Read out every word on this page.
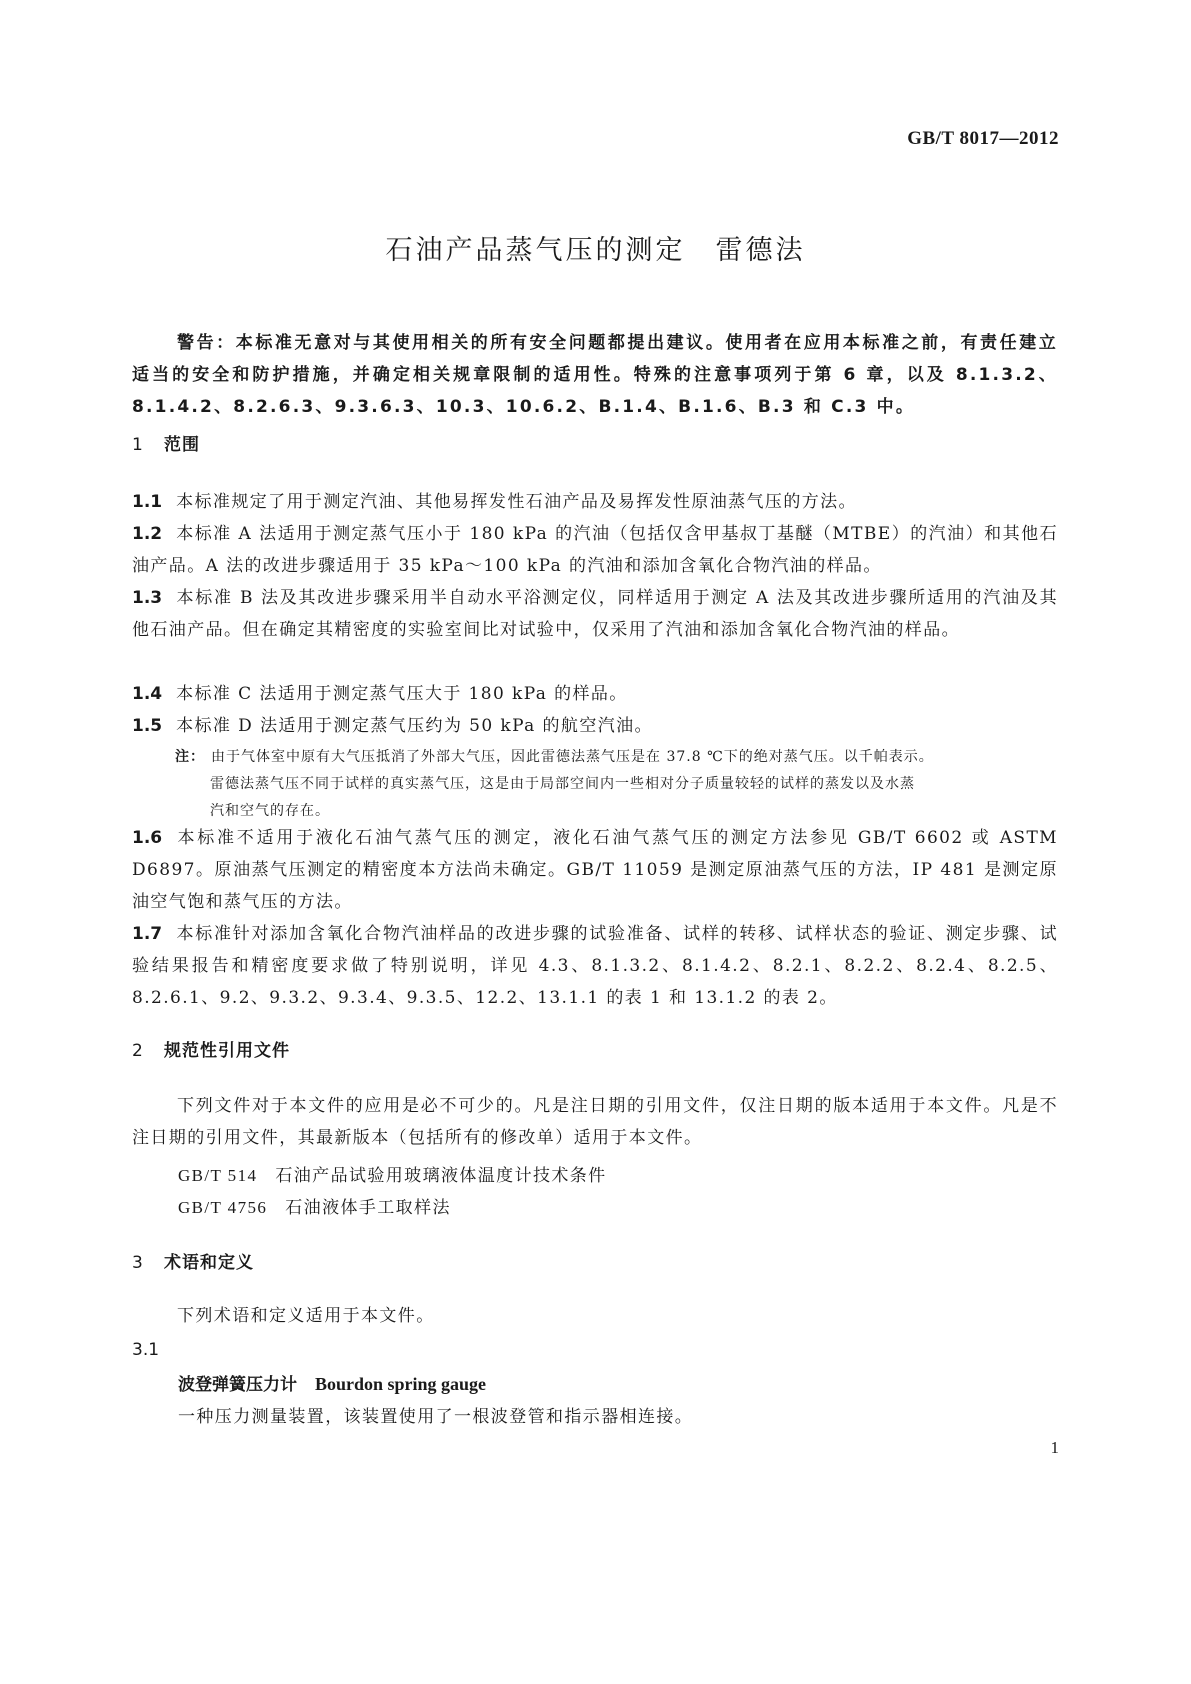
GB/T 8017—2012
石油产品蒸气压的测定　雷德法
警告：本标准无意对与其使用相关的所有安全问题都提出建议。使用者在应用本标准之前，有责任建立适当的安全和防护措施，并确定相关规章限制的适用性。特殊的注意事项列于第 6 章，以及 8.1.3.2、8.1.4.2、8.2.6.3、9.3.6.3、10.3、10.6.2、B.1.4、B.1.6、B.3 和 C.3 中。
1 范围
1.1 本标准规定了用于测定汽油、其他易挥发性石油产品及易挥发性原油蒸气压的方法。
1.2 本标准 A 法适用于测定蒸气压小于 180 kPa 的汽油（包括仅含甲基叔丁基醚（MTBE）的汽油）和其他石油产品。A 法的改进步骤适用于 35 kPa～100 kPa 的汽油和添加含氧化合物汽油的样品。
1.3 本标准 B 法及其改进步骤采用半自动水平浴测定仪，同样适用于测定 A 法及其改进步骤所适用的汽油及其他石油产品。但在确定其精密度的实验室间比对试验中，仅采用了汽油和添加含氧化合物汽油的样品。
1.4 本标准 C 法适用于测定蒸气压大于 180 kPa 的样品。
1.5 本标准 D 法适用于测定蒸气压约为 50 kPa 的航空汽油。
注： 由于气体室中原有大气压抵消了外部大气压，因此雷德法蒸气压是在 37.8 ℃下的绝对蒸气压。以千帕表示。
雷德法蒸气压不同于试样的真实蒸气压，这是由于局部空间内一些相对分子质量较轻的试样的蒸发以及水蒸
汽和空气的存在。
1.6 本标准不适用于液化石油气蒸气压的测定，液化石油气蒸气压的测定方法参见 GB/T 6602 或 ASTM D6897。原油蒸气压测定的精密度本方法尚未确定。GB/T 11059 是测定原油蒸气压的方法，IP 481 是测定原油空气饱和蒸气压的方法。
1.7 本标准针对添加含氧化合物汽油样品的改进步骤的试验准备、试样的转移、试样状态的验证、测定步骤、试验结果报告和精密度要求做了特别说明，详见 4.3、8.1.3.2、8.1.4.2、8.2.1、8.2.2、8.2.4、8.2.5、8.2.6.1、9.2、9.3.2、9.3.4、9.3.5、12.2、13.1.1 的表 1 和 13.1.2 的表 2。
2 规范性引用文件
下列文件对于本文件的应用是必不可少的。凡是注日期的引用文件，仅注日期的版本适用于本文件。凡是不注日期的引用文件，其最新版本（包括所有的修改单）适用于本文件。
GB/T 514 石油产品试验用玻璃液体温度计技术条件
GB/T 4756 石油液体手工取样法
3 术语和定义
下列术语和定义适用于本文件。
3.1
波登弹簧压力计 Bourdon spring gauge
一种压力测量装置，该装置使用了一根波登管和指示器相连接。
1
